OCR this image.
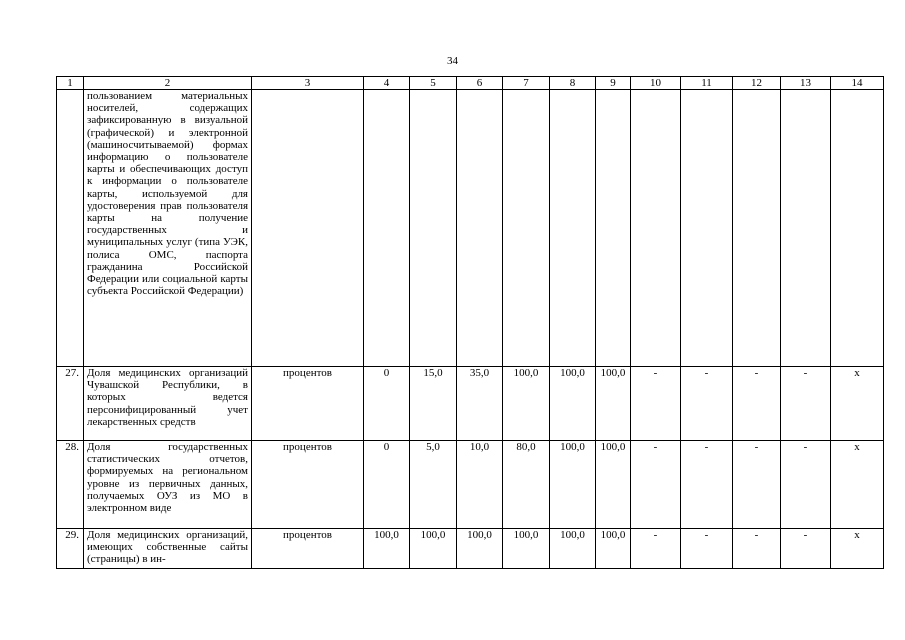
34
1	2	3	4	5	6	7	8	9	10	11	12	13	14
	пользованием материальных носителей, содержащих зафиксированную в визуальной (графической) и электронной (машиносчитываемой) формах информацию о пользователе карты и обеспечивающих доступ к информации о пользователе карты, используемой для удостоверения прав пользователя карты на получение государственных и муниципальных услуг (типа УЭК, полиса ОМС, паспорта гражданина Российской Федерации или социальной карты субъекта Российской Федерации)												
27.	Доля медицинских организаций Чувашской Республики, в которых ведется персонифицированный учет лекарственных средств	процентов	0	15,0	35,0	100,0	100,0	100,0	-	-	-	-	x
28.	Доля государственных статистических отчетов, формируемых на региональном уровне из первичных данных, получаемых ОУЗ из МО в электронном виде	процентов	0	5,0	10,0	80,0	100,0	100,0	-	-	-	-	x
29.	Доля медицинских организаций, имеющих собственные сайты (страницы) в ин-	процентов	100,0	100,0	100,0	100,0	100,0	100,0	-	-	-	-	x
